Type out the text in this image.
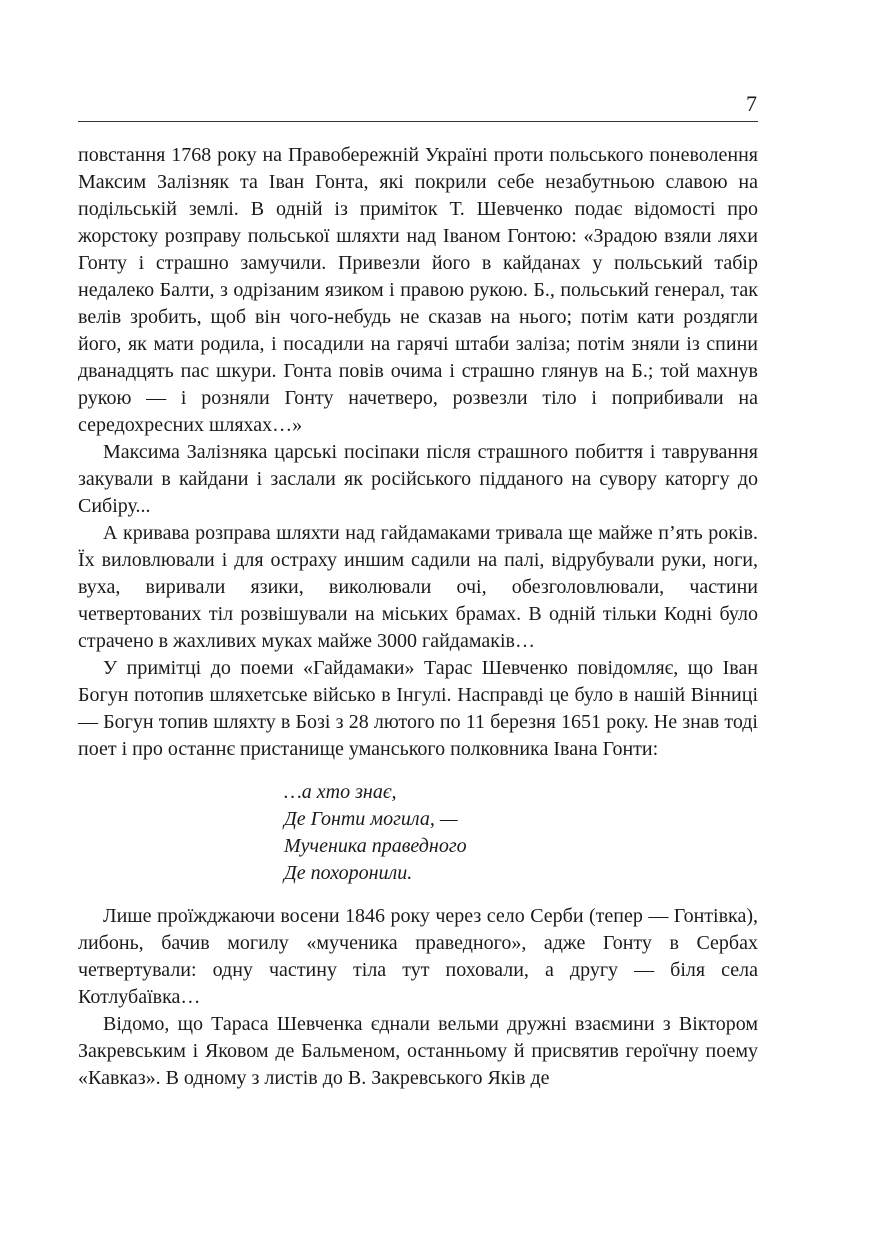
7

повстання 1768 року на Правобережній Україні проти польського поневолення Максим Залізняк та Іван Гонта, які покрили себе незабутньою славою на подільській землі. В одній із приміток Т. Шевченко подає відомості про жорстоку розправу польської шляхти над Іваном Гонтою: «Зрадою взяли ляхи Гонту і страшно замучили. Привезли його в кайданах у польський табір недалеко Балти, з одрізаним язиком і правою рукою. Б., польський генерал, так велів зробить, щоб він чого-небудь не сказав на нього; потім кати роздягли його, як мати родила, і посадили на гарячі штаби заліза; потім зняли із спини дванадцять пас шкури. Гонта повів очима і страшно глянув на Б.; той махнув рукою — і розняли Гонту начетверо, розвезли тіло і поприбивали на середохресних шляхах…»

Максима Залізняка царські посіпаки після страшного побиття і таврування закували в кайдани і заслали як російського підданого на сувору каторгу до Сибіру...

А кривава розправа шляхти над гайдамаками тривала ще майже п’ять років. Їх виловлювали і для остраху иншим садили на палі, відрубували руки, ноги, вуха, виривали язики, виколювали очі, обезголовлювали, частини четвертованих тіл розвішували на міських брамах. В одній тільки Кодні було страчено в жахливих муках майже 3000 гайдамаків…

У примітці до поеми «Гайдамаки» Тарас Шевченко повідомляє, що Іван Богун потопив шляхетське військо в Інгулі. Насправді це було в нашій Вінниці — Богун топив шляхту в Бозі з 28 лютого по 11 березня 1651 року. Не знав тоді поет і про останнє пристанище уманського полковника Івана Гонти:

…а хто знає,
Де Гонти могила, —
Мученика праведного
Де похоронили.

Лише проїжджаючи восени 1846 року через село Серби (тепер — Гонтівка), либонь, бачив могилу «мученика праведного», адже Гонту в Сербах четвертували: одну частину тіла тут поховали, а другу — біля села Котлубаївка…

Відомо, що Тараса Шевченка єднали вельми дружні взаємини з Віктором Закревським і Яковом де Бальменом, останньому й присвятив героїчну поему «Кавказ». В одному з листів до В. Закревського Яків де
